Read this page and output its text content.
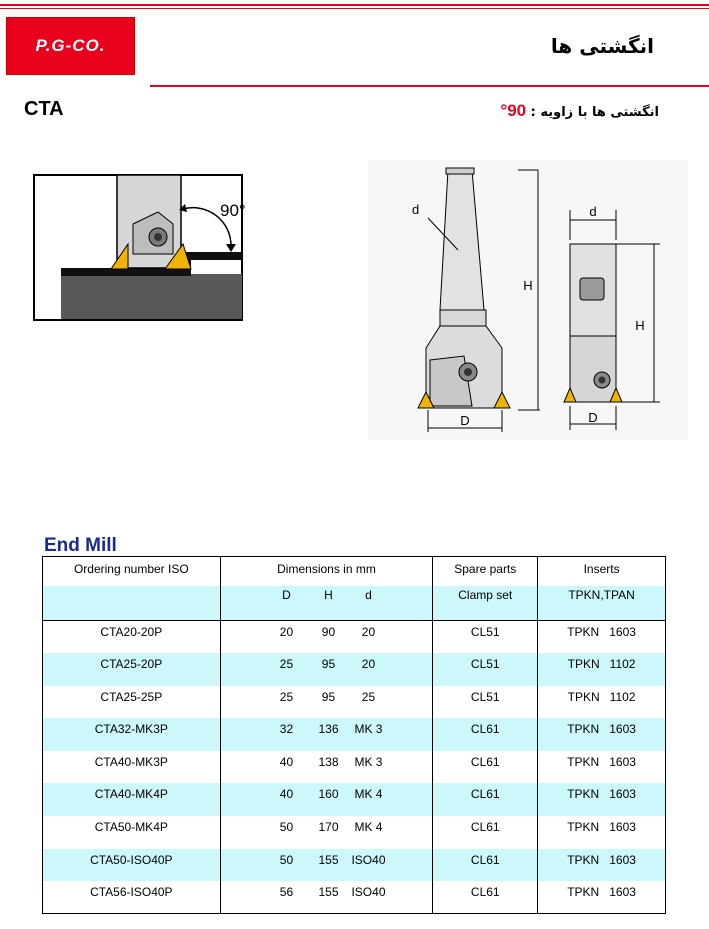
P.G-CO.	انگشتی ها
CTA	انگشتی ها با زاویه : 90°
90°
D
H
d	d
H
D
End Mill
Ordering number ISO	Dimensions in mm	Spare parts	Inserts
	D H d	Clamp set	TPKN,TPAN
CTA20-20P	20 90 20	CL51	TPKN   1603
CTA25-20P	25 95 20	CL51	TPKN   1102
CTA25-25P	25 95 25	CL51	TPKN   1102
CTA32-MK3P	32 136 MK 3	CL61	TPKN   1603
CTA40-MK3P	40 138 MK 3	CL61	TPKN   1603
CTA40-MK4P	40 160 MK 4	CL61	TPKN   1603
CTA50-MK4P	50 170 MK 4	CL61	TPKN   1603
CTA50-ISO40P	50 155 ISO40	CL61	TPKN   1603
CTA56-ISO40P	56 155 ISO40	CL61	TPKN   1603
